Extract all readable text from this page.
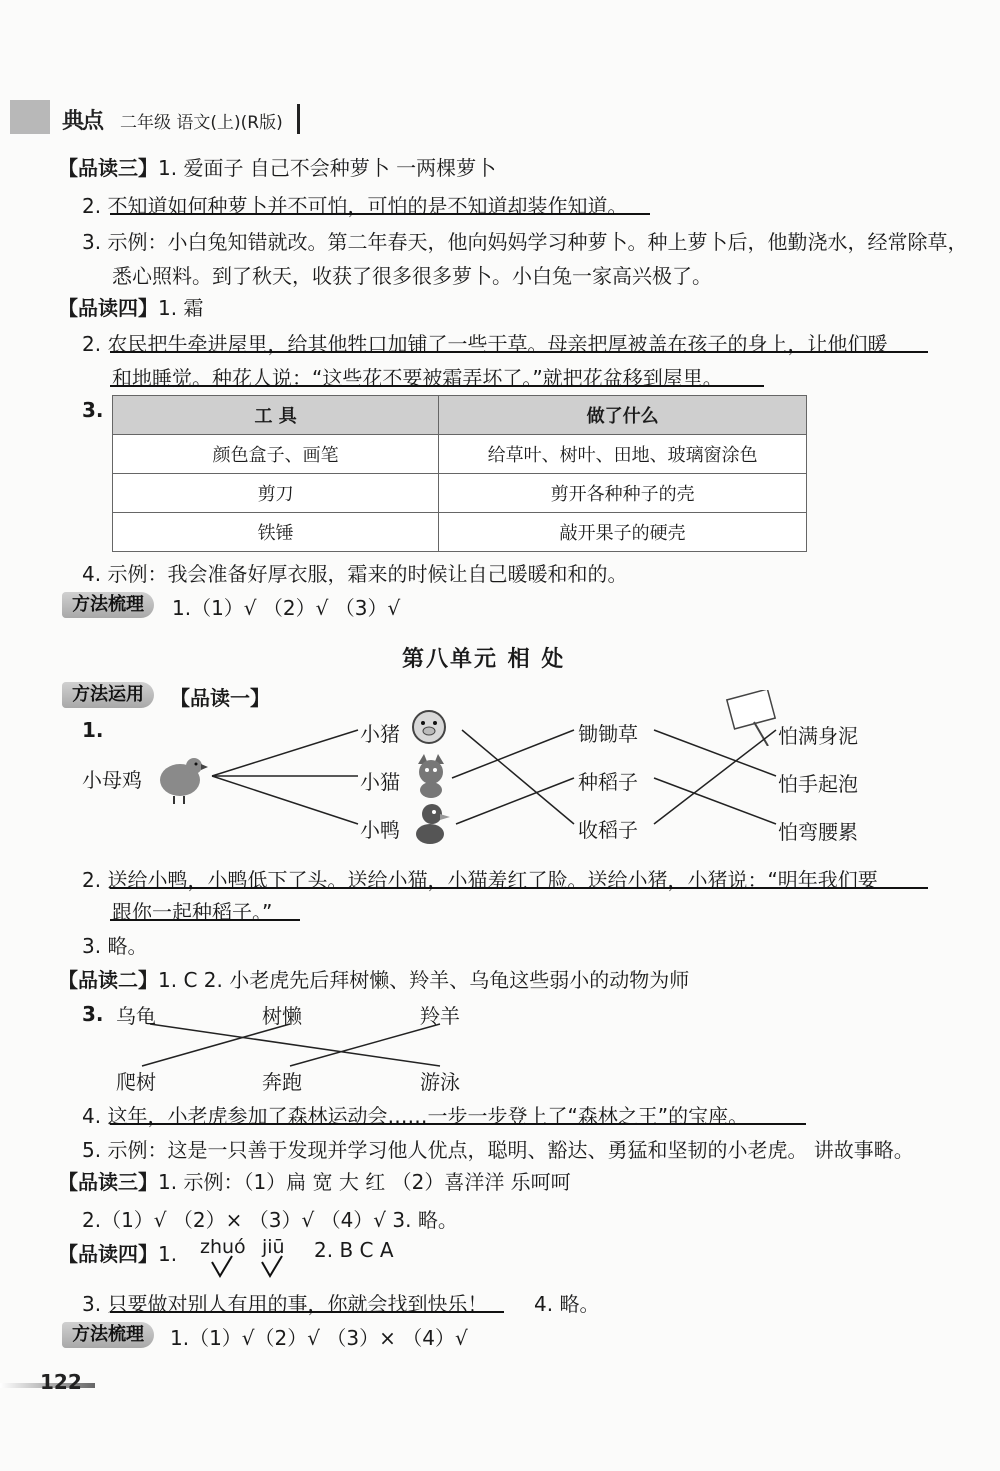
典点 二年级 语文(上)(R版)
【品读三】1. 爱面子 自己不会种萝卜 一两棵萝卜
2. 不知道如何种萝卜并不可怕，可怕的是不知道却装作知道。
3. 示例：小白兔知错就改。第二年春天，他向妈妈学习种萝卜。种上萝卜后，他勤浇水，经常除草，
悉心照料。到了秋天，收获了很多很多萝卜。小白兔一家高兴极了。
【品读四】1. 霜
2. 农民把牛牵进屋里，给其他牲口加铺了一些干草。母亲把厚被盖在孩子的身上，让他们暖
和地睡觉。种花人说：“这些花不要被霜弄坏了。”就把花盆移到屋里。
3.	工 具	做了什么
颜色盒子、画笔	给草叶、树叶、田地、玻璃窗涂色
剪刀	剪开各种种子的壳
铁锤	敲开果子的硬壳
4. 示例：我会准备好厚衣服，霜来的时候让自己暖暖和和的。
方法梳理	1.（1）√ （2）√ （3）√
第八单元 相 处
方法运用	【品读一】
1.
小母鸡
小猪
小猫
小鸭
锄锄草
种稻子
收稻子
怕满身泥
怕手起泡
怕弯腰累
2. 送给小鸭，小鸭低下了头。送给小猫，小猫羞红了脸。送给小猪，小猪说：“明年我们要
跟你一起种稻子。”
3. 略。
【品读二】1. C 2. 小老虎先后拜树懒、羚羊、乌龟这些弱小的动物为师
3. 乌龟	树懒	羚羊
爬树	奔跑	游泳
4. 这年，小老虎参加了森林运动会……一步一步登上了“森林之王”的宝座。
5. 示例：这是一只善于发现并学习他人优点，聪明、豁达、勇猛和坚韧的小老虎。 讲故事略。
【品读三】1. 示例：（1）扁 宽 大 红 （2）喜洋洋 乐呵呵
2.（1）√ （2）× （3）√ （4）√ 3. 略。
【品读四】1. zhuó jiū 2. B C A
3. 只要做对别人有用的事，你就会找到快乐！ 4. 略。
方法梳理	1.（1）√（2）√ （3）× （4）√
122
